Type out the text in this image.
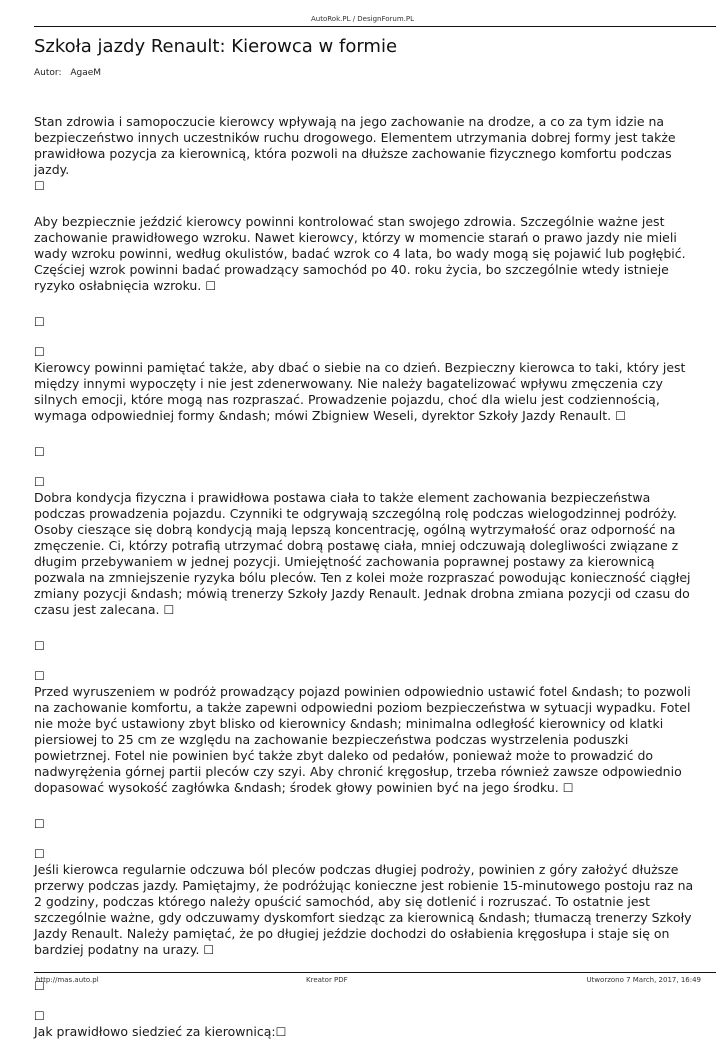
AutoRok.PL / DesignForum.PL
Szkoła jazdy Renault: Kierowca w formie
Autor: AgaeM

Stan zdrowia i samopoczucie kierowcy wpływają na jego zachowanie na drodze, a co za tym idzie na bezpieczeństwo innych uczestników ruchu drogowego. Elementem utrzymania dobrej formy jest także prawidłowa pozycja za kierownicą, która pozwoli na dłuższe zachowanie fizycznego komfortu podczas jazdy.

☐

Aby bezpiecznie jeździć kierowcy powinni kontrolować stan swojego zdrowia. Szczególnie ważne jest zachowanie prawidłowego wzroku. Nawet kierowcy, którzy w momencie starań o prawo jazdy nie mieli wady wzroku powinni, według okulistów, badać wzrok co 4 lata, bo wady mogą się pojawić lub pogłębić. Częściej wzrok powinni badać prowadzący samochód po 40. roku życia, bo szczególnie wtedy istnieje ryzyko osłabnięcia wzroku. ☐

☐

☐

Kierowcy powinni pamiętać także, aby dbać o siebie na co dzień. Bezpieczny kierowca to taki, który jest między innymi wypoczęty i nie jest zdenerwowany. Nie należy bagatelizować wpływu zmęczenia czy silnych emocji, które mogą nas rozpraszać. Prowadzenie pojazdu, choć dla wielu jest codziennością, wymaga odpowiedniej formy &ndash; mówi Zbigniew Weseli, dyrektor Szkoły Jazdy Renault. ☐

☐

☐

Dobra kondycja fizyczna i prawidłowa postawa ciała to także element zachowania bezpieczeństwa podczas prowadzenia pojazdu. Czynniki te odgrywają szczególną rolę podczas wielogodzinnej podróży. Osoby cieszące się dobrą kondycją mają lepszą koncentrację, ogólną wytrzymałość oraz odporność na zmęczenie. Ci, którzy potrafią utrzymać dobrą postawę ciała, mniej odczuwają dolegliwości związane z długim przebywaniem w jednej pozycji. Umiejętność zachowania poprawnej postawy za kierownicą pozwala na zmniejszenie ryzyka bólu pleców. Ten z kolei może rozpraszać powodując konieczność ciągłej zmiany pozycji &ndash; mówią trenerzy Szkoły Jazdy Renault. Jednak drobna zmiana pozycji od czasu do czasu jest zalecana. ☐

☐

☐

Przed wyruszeniem w podróż prowadzący pojazd powinien odpowiednio ustawić fotel &ndash; to pozwoli na zachowanie komfortu, a także zapewni odpowiedni poziom bezpieczeństwa w sytuacji wypadku. Fotel nie może być ustawiony zbyt blisko od kierownicy &ndash; minimalna odległość kierownicy od klatki piersiowej to 25 cm ze względu na zachowanie bezpieczeństwa podczas wystrzelenia poduszki powietrznej. Fotel nie powinien być także zbyt daleko od pedałów, ponieważ może to prowadzić do nadwyrężenia górnej partii pleców czy szyi. Aby chronić kręgosłup, trzeba również zawsze odpowiednio dopasować wysokość zagłówka &ndash; środek głowy powinien być na jego środku. ☐

☐

☐

Jeśli kierowca regularnie odczuwa ból pleców podczas długiej podroży, powinien z góry założyć dłuższe przerwy podczas jazdy. Pamiętajmy, że podróżując konieczne jest robienie 15-minutowego postoju raz na 2 godziny, podczas którego należy opuścić samochód, aby się dotlenić i rozruszać. To ostatnie jest szczególnie ważne, gdy odczuwamy dyskomfort siedząc za kierownicą &ndash; tłumaczą trenerzy Szkoły Jazdy Renault. Należy pamiętać, że po długiej jeździe dochodzi do osłabienia kręgosłupa i staje się on bardziej podatny na urazy. ☐

☐

☐

Jak prawidłowo siedzieć za kierownicą:☐

http://mas.auto.pl	Kreator PDF	Utworzono 7 March, 2017, 16:49
